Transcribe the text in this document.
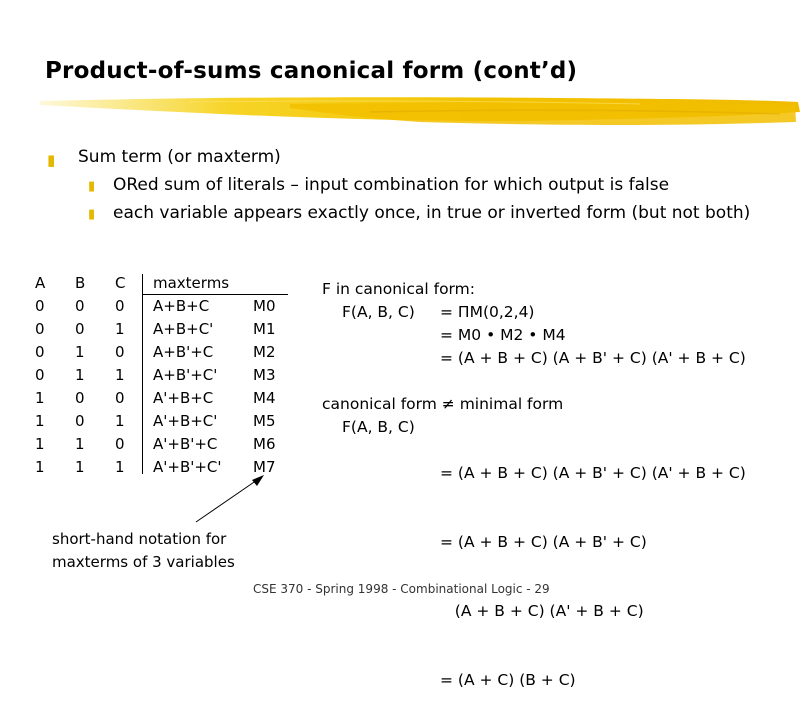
Product-of-sums canonical form (cont’d)
▮ Sum term (or maxterm)
▮ ORed sum of literals – input combination for which output is false
▮ each variable appears exactly once, in true or inverted form (but not both)
A B C maxterms
0
0
0
0
1
1
1
1
0
0
1
1
0
0
1
1
0
1
0
1
0
1
0
1
A+B+C
A+B+C'
A+B'+C
A+B'+C'
A'+B+C
A'+B+C'
A'+B'+C
A'+B'+C'
M0
M1
M2
M3
M4
M5
M6
M7
F in canonical form:
F(A, B, C) = ΠM(0,2,4)
= M0 • M2 • M4
= (A + B + C) (A + B' + C) (A' + B + C)
canonical form ≠ minimal form
F(A, B, C)

= (A + B + C) (A + B' + C) (A' + B + C)

= (A + B + C) (A + B' + C)

(A + B + C) (A' + B + C)

= (A + C) (B + C)

short-hand notation for
maxterms of 3 variables
CSE 370 - Spring 1998 - Combinational Logic - 29
